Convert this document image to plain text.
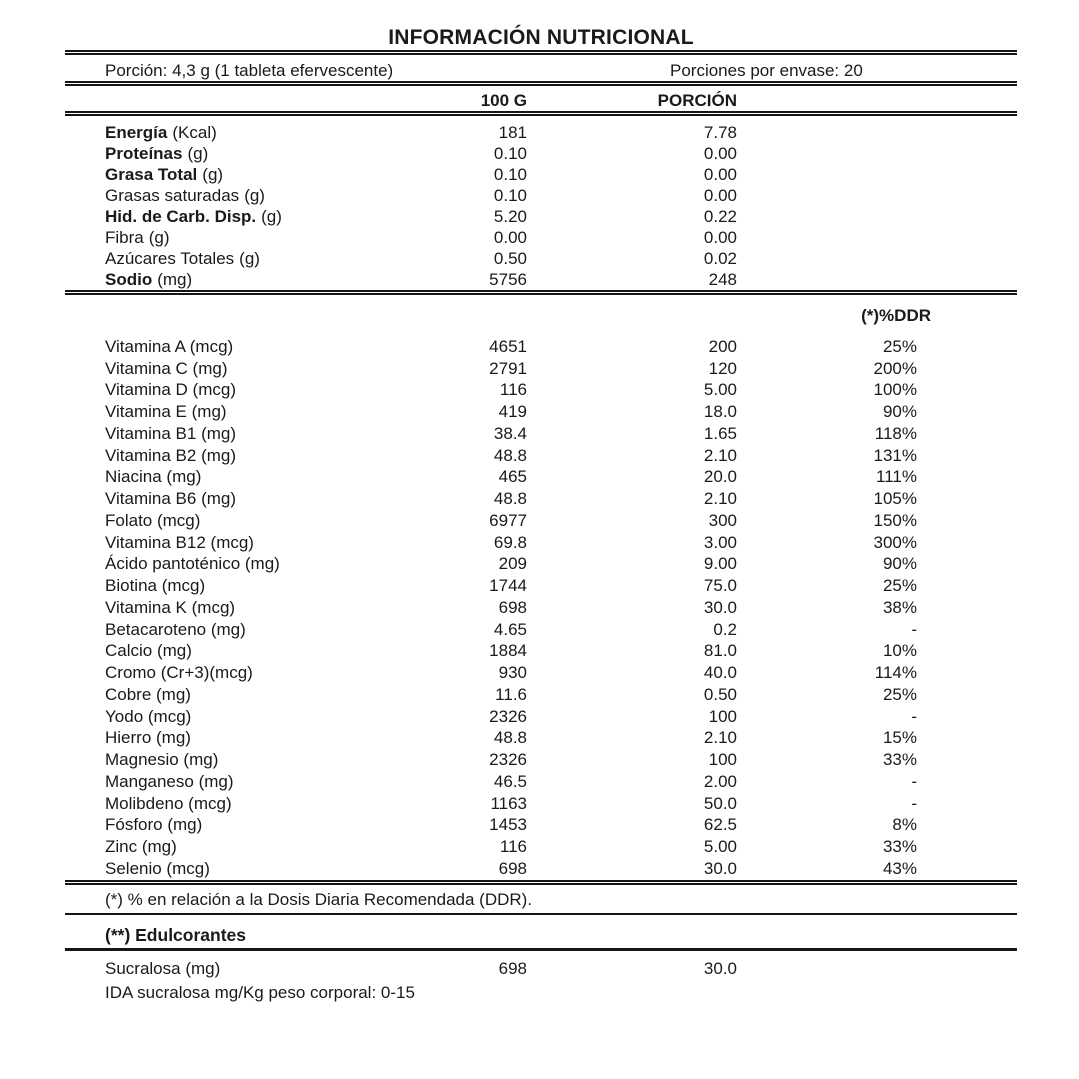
INFORMACIÓN NUTRICIONAL
Porción: 4,3 g (1 tableta efervescente)	Porciones por envase: 20
100 G	PORCIÓN
Energía (Kcal)	181	7.78
Proteínas (g)	0.10	0.00
Grasa Total (g)	0.10	0.00
Grasas saturadas (g)	0.10	0.00
Hid. de Carb. Disp. (g)	5.20	0.22
Fibra (g)	0.00	0.00
Azúcares Totales (g)	0.50	0.02
Sodio (mg)	5756	248
(*)%DDR
Vitamina A (mcg)	4651	200	25%
Vitamina C (mg)	2791	120	200%
Vitamina D (mcg)	116	5.00	100%
Vitamina E (mg)	419	18.0	90%
Vitamina B1 (mg)	38.4	1.65	118%
Vitamina B2 (mg)	48.8	2.10	131%
Niacina (mg)	465	20.0	111%
Vitamina B6 (mg)	48.8	2.10	105%
Folato (mcg)	6977	300	150%
Vitamina B12 (mcg)	69.8	3.00	300%
Ácido pantoténico (mg)	209	9.00	90%
Biotina (mcg)	1744	75.0	25%
Vitamina K (mcg)	698	30.0	38%
Betacaroteno (mg)	4.65	0.2	-
Calcio (mg)	1884	81.0	10%
Cromo (Cr+3)(mcg)	930	40.0	114%
Cobre (mg)	11.6	0.50	25%
Yodo (mcg)	2326	100	-
Hierro (mg)	48.8	2.10	15%
Magnesio (mg)	2326	100	33%
Manganeso (mg)	46.5	2.00	-
Molibdeno (mcg)	1163	50.0	-
Fósforo (mg)	1453	62.5	8%
Zinc (mg)	116	5.00	33%
Selenio (mcg)	698	30.0	43%
(*) % en relación a la Dosis Diaria Recomendada (DDR).
(**) Edulcorantes
Sucralosa (mg)	698	30.0
IDA sucralosa mg/Kg peso corporal: 0-15
